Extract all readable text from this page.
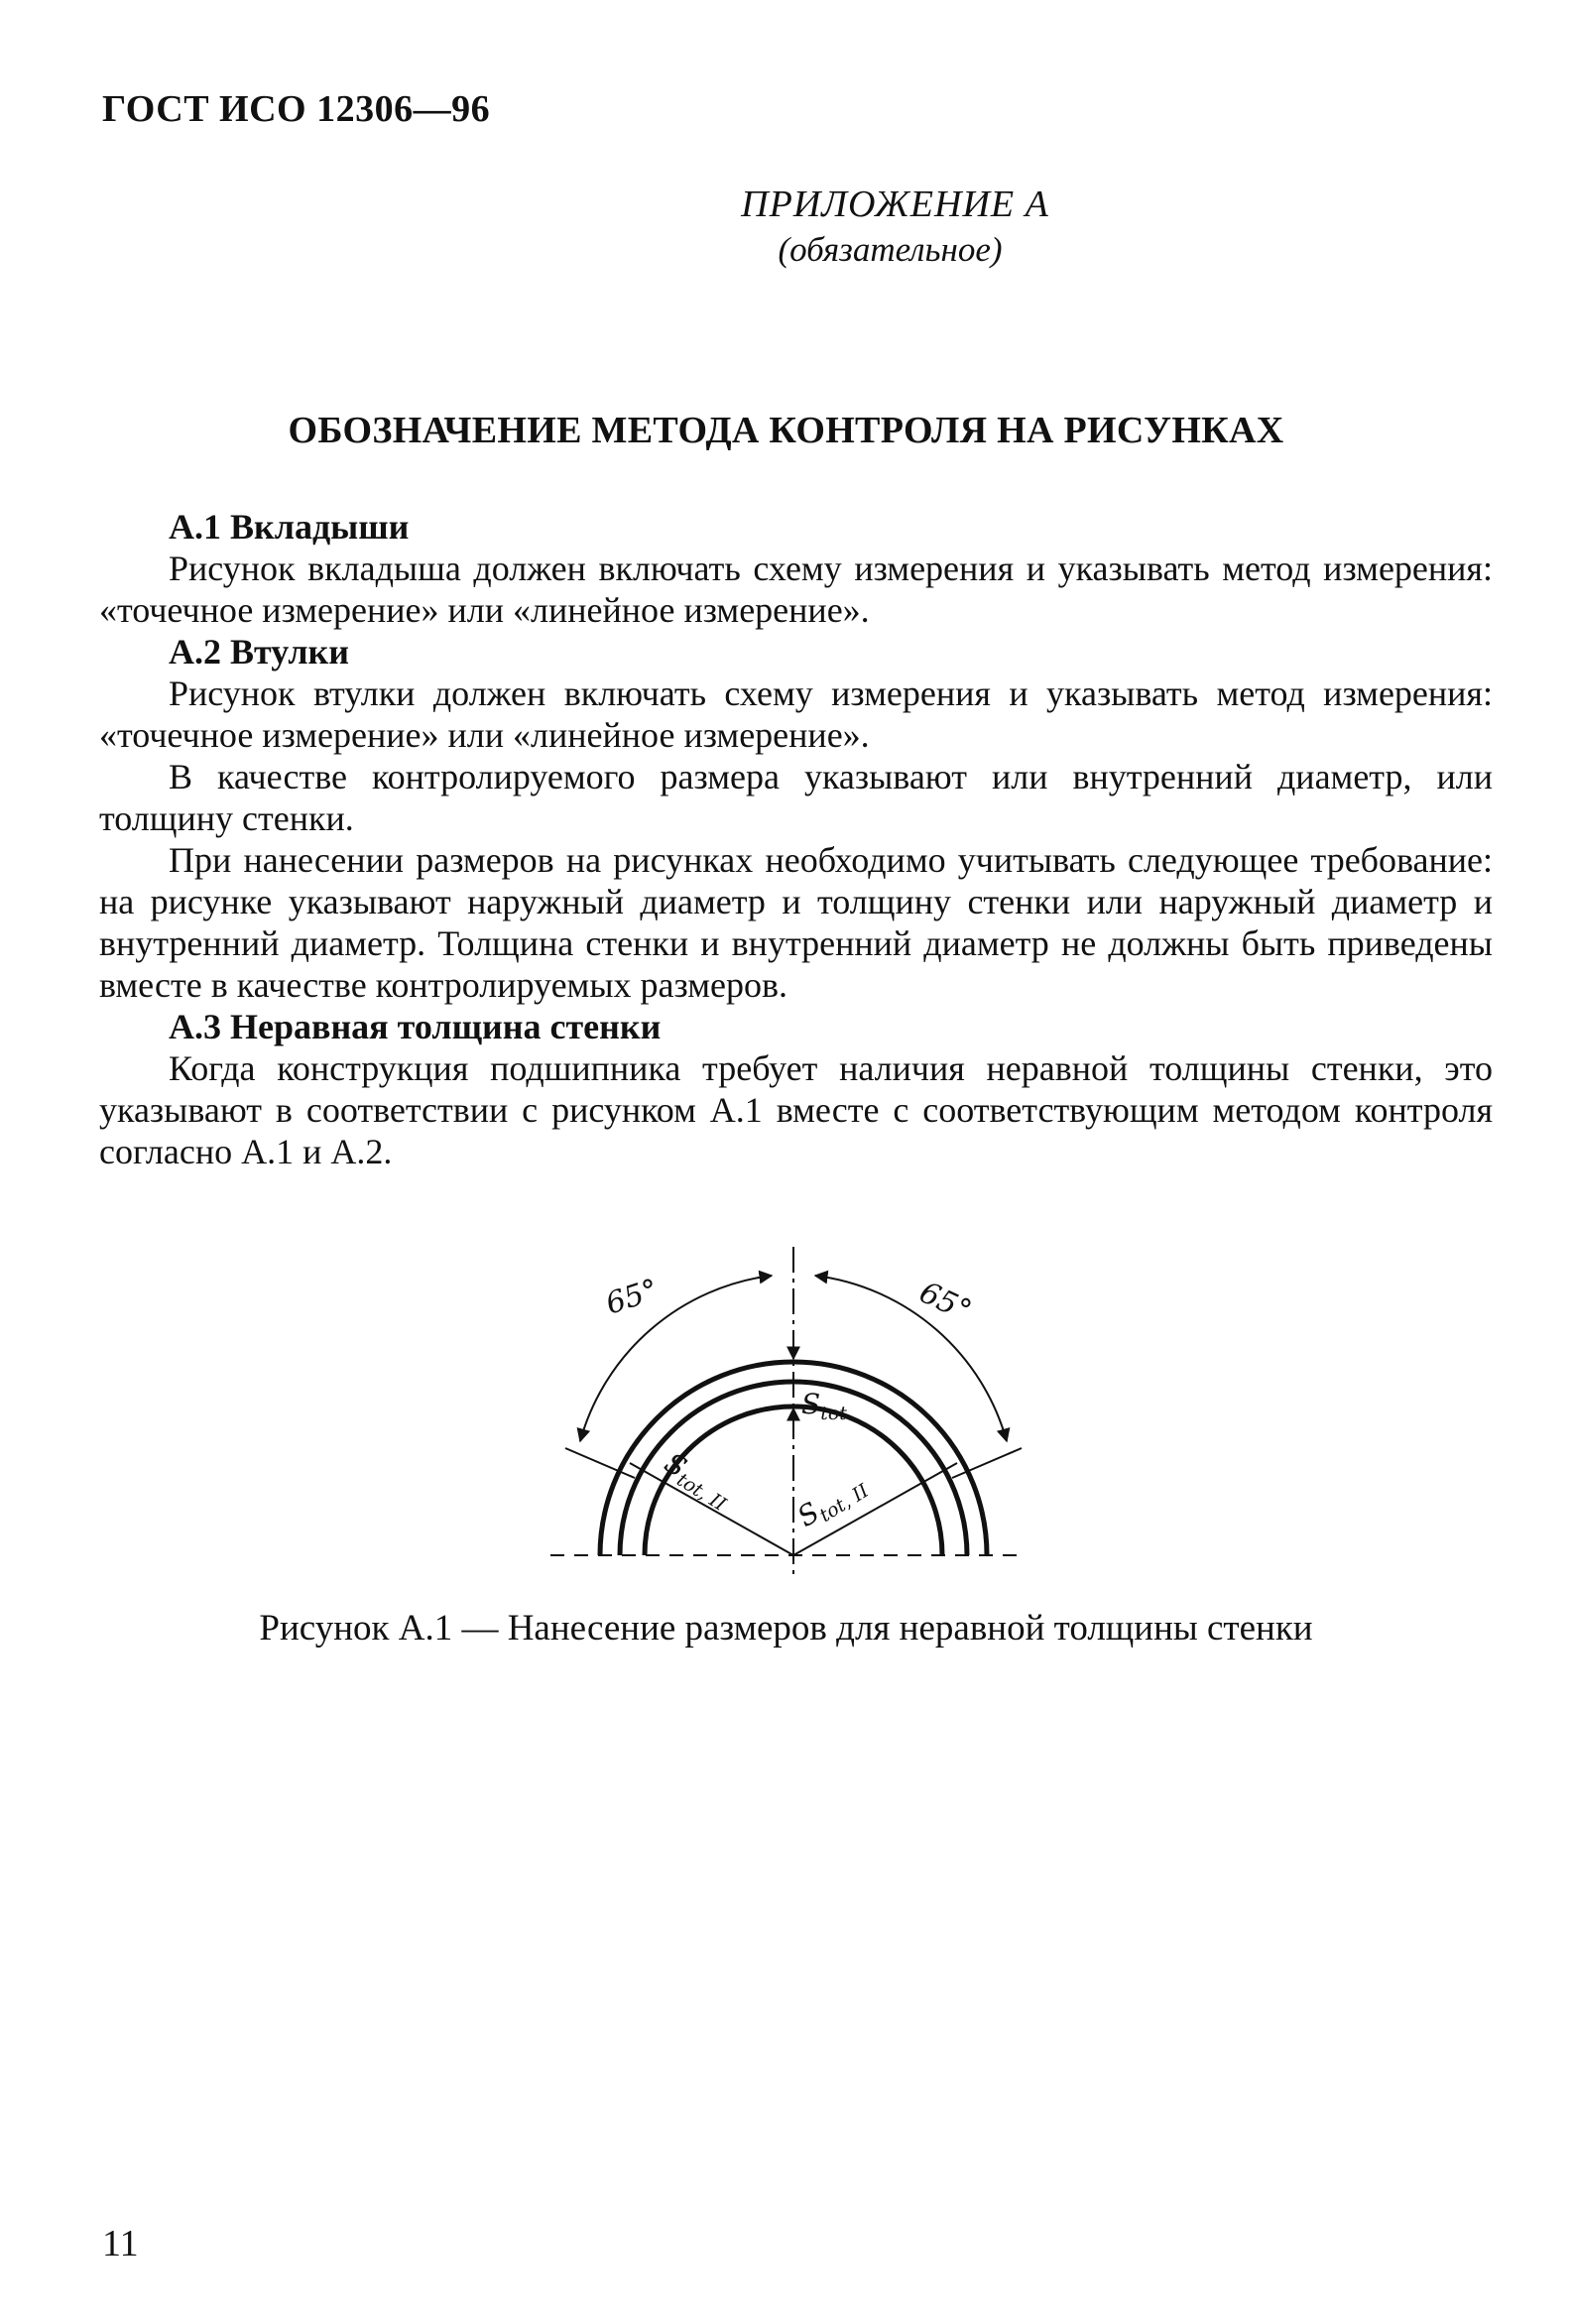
ГОСТ ИСО 12306—96
ПРИЛОЖЕНИЕ А
(обязательное)
ОБОЗНАЧЕНИЕ МЕТОДА КОНТРОЛЯ НА РИСУНКАХ

А.1 Вкладыши

Рисунок вкладыша должен включать схему измерения и указывать метод измерения: «точечное измерение» или «линейное измерение».

А.2 Втулки

Рисунок втулки должен включать схему измерения и указывать метод измерения: «точечное измерение» или «линейное измерение».

В качестве контролируемого размера указывают или внутренний диаметр, или толщину стенки.

При нанесении размеров на рисунках необходимо учитывать следующее требование: на рисунке указывают наружный диаметр и толщину стенки или наружный диаметр и внутренний диаметр. Толщина стенки и внутренний диаметр не должны быть приведены вместе в качестве контролируемых размеров.

А.3 Неравная толщина стенки

Когда конструкция подшипника требует наличия неравной толщины стенки, это указывают в соответствии с рисунком А.1 вместе с соответствующим методом контроля согласно А.1 и А.2.

65°	65°
$S_{tot}$
$S_{tot, II}$ $S_{tot, II}$
Рисунок А.1 — Нанесение размеров для неравной толщины стенки
11
